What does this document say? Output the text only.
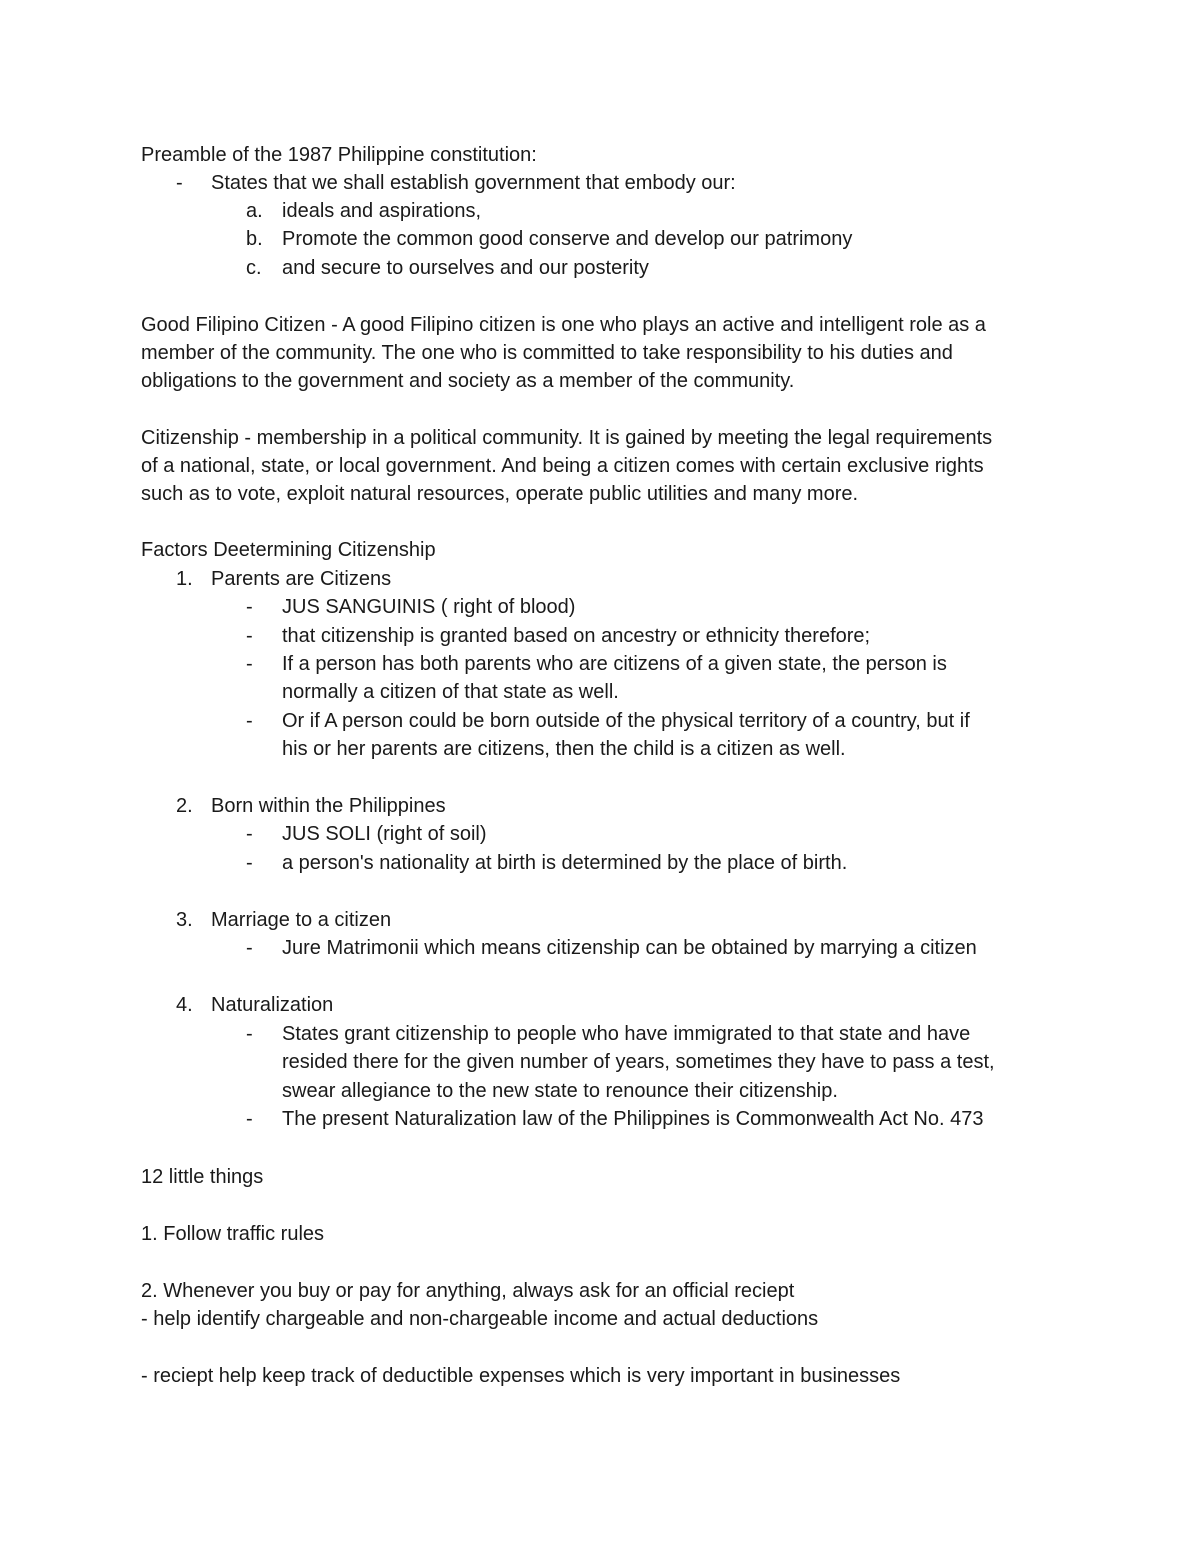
Preamble of the 1987 Philippine constitution:

- States that we shall establish government that embody our:

a. ideals and aspirations,

b. Promote the common good conserve and develop our patrimony

c. and secure to ourselves and our posterity

Good Filipino Citizen - A good Filipino citizen is one who plays an active and intelligent role as a

member of the community. The one who is committed to take responsibility to his duties and

obligations to the government and society as a member of the community.

Citizenship - membership in a political community. It is gained by meeting the legal requirements

of a national, state, or local government. And being a citizen comes with certain exclusive rights

such as to vote, exploit natural resources, operate public utilities and many more.

Factors Deetermining Citizenship

1. Parents are Citizens

- JUS SANGUINIS ( right of blood)

- that citizenship is granted based on ancestry or ethnicity therefore;

- If a person has both parents who are citizens of a given state, the person is

normally a citizen of that state as well.

- Or if A person could be born outside of the physical territory of a country, but if

his or her parents are citizens, then the child is a citizen as well.

2. Born within the Philippines

- JUS SOLI (right of soil)

- a person's nationality at birth is determined by the place of birth.

3. Marriage to a citizen

- Jure Matrimonii which means citizenship can be obtained by marrying a citizen

4. Naturalization

- States grant citizenship to people who have immigrated to that state and have

resided there for the given number of years, sometimes they have to pass a test,

swear allegiance to the new state to renounce their citizenship.

- The present Naturalization law of the Philippines is Commonwealth Act No. 473

12 little things

1. Follow traffic rules

2. Whenever you buy or pay for anything, always ask for an official reciept

- help identify chargeable and non-chargeable income and actual deductions

- reciept help keep track of deductible expenses which is very important in businesses
